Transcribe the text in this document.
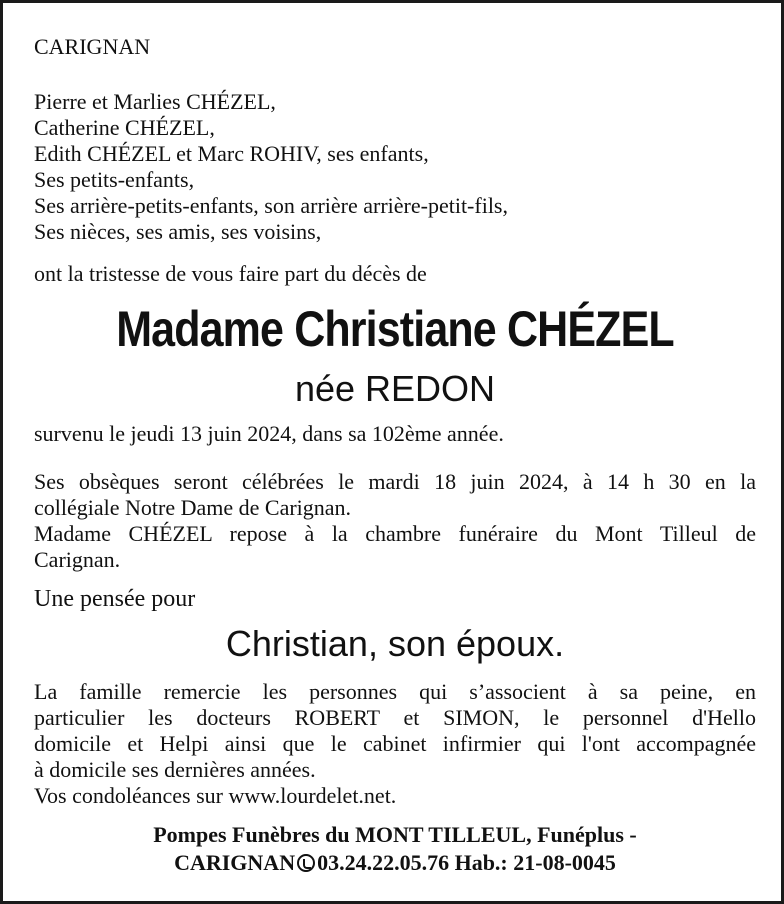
CARIGNAN
Pierre et Marlies CHÉZEL,
Catherine CHÉZEL,
Edith CHÉZEL et Marc ROHIV, ses enfants,
Ses petits-enfants,
Ses arrière-petits-enfants, son arrière arrière-petit-fils,
Ses nièces, ses amis, ses voisins,
ont la tristesse de vous faire part du décès de
Madame Christiane CHÉZEL
née REDON
survenu le jeudi 13 juin 2024, dans sa 102ème année.
Ses obsèques seront célébrées le mardi 18 juin 2024, à 14 h 30 en la
collégiale Notre Dame de Carignan.
Madame CHÉZEL repose à la chambre funéraire du Mont Tilleul de
Carignan.
Une pensée pour
Christian, son époux.
La famille remercie les personnes qui s’associent à sa peine, en
particulier les docteurs ROBERT et SIMON, le personnel d'Hello
domicile et Helpi ainsi que le cabinet infirmier qui l'ont accompagnée
à domicile ses dernières années.
Vos condoléances sur www.lourdelet.net.
Pompes Funèbres du MONT TILLEUL, Funéplus -
CARIGNAN 03.24.22.05.76 Hab.: 21-08-0045
